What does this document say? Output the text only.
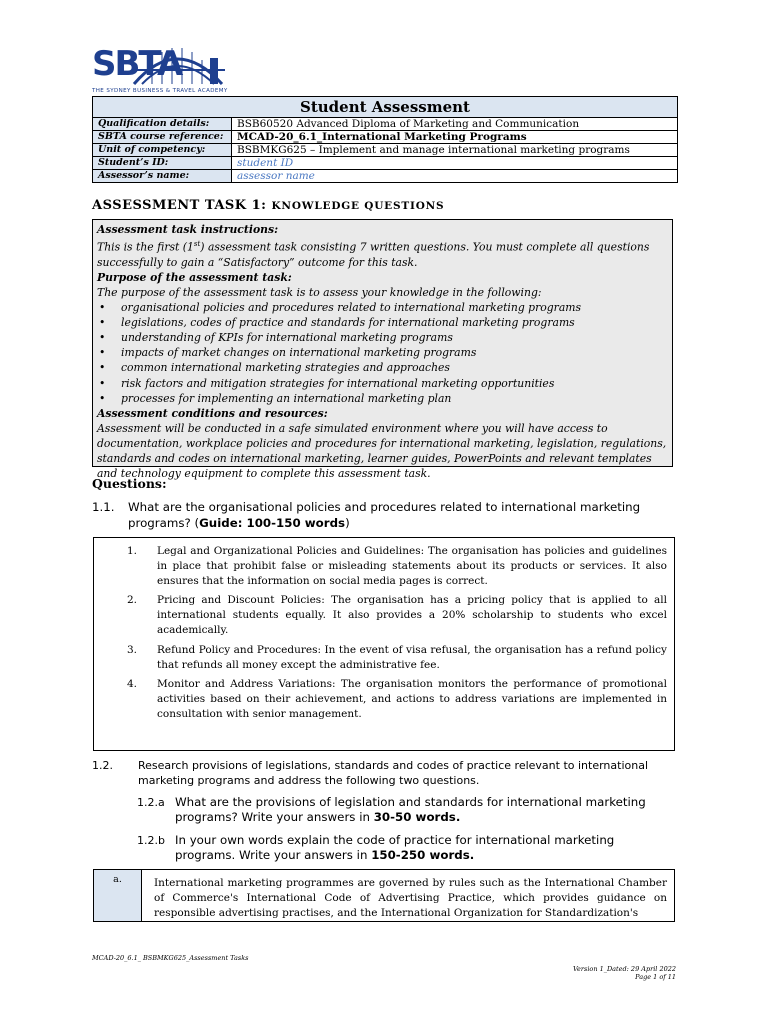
SBTA
THE SYDNEY BUSINESS & TRAVEL ACADEMY
Student Assessment	
Qualification details:	BSB60520 Advanced Diploma of Marketing and Communication
SBTA course reference:	MCAD-20_6.1_International Marketing Programs
Unit of competency:	BSBMKG625 – Implement and manage international marketing programs
Student’s ID:	student ID
Assessor’s name:	assessor name
ASSESSMENT TASK 1: KNOWLEDGE QUESTIONS
Assessment task instructions:
This is the first (1st) assessment task consisting 7 written questions. You must complete all questions successfully to gain a “Satisfactory” outcome for this task.
Purpose of the assessment task:
The purpose of the assessment task is to assess your knowledge in the following:
• organisational policies and procedures related to international marketing programs
• legislations, codes of practice and standards for international marketing programs
• understanding of KPIs for international marketing programs
• impacts of market changes on international marketing programs
• common international marketing strategies and approaches
• risk factors and mitigation strategies for international marketing opportunities
• processes for implementing an international marketing plan
Assessment conditions and resources:
Assessment will be conducted in a safe simulated environment where you will have access to documentation, workplace policies and procedures for international marketing, legislation, regulations, standards and codes on international marketing, learner guides, PowerPoints and relevant templates and technology equipment to complete this assessment task.
Questions:
1.1. What are the organisational policies and procedures related to international marketing programs? (Guide: 100-150 words)
1. Legal and Organizational Policies and Guidelines: The organisation has policies and guidelines in place that prohibit false or misleading statements about its products or services. It also ensures that the information on social media pages is correct.
2. Pricing and Discount Policies: The organisation has a pricing policy that is applied to all international students equally. It also provides a 20% scholarship to students who excel academically.
3. Refund Policy and Procedures: In the event of visa refusal, the organisation has a refund policy that refunds all money except the administrative fee.
4. Monitor and Address Variations: The organisation monitors the performance of promotional activities based on their achievement, and actions to address variations are implemented in consultation with senior management.
1.2. Research provisions of legislations, standards and codes of practice relevant to international marketing programs and address the following two questions.
1.2.a What are the provisions of legislation and standards for international marketing programs? Write your answers in 30-50 words.
1.2.b In your own words explain the code of practice for international marketing programs. Write your answers in 150-250 words.
a.	International marketing programmes are governed by rules such as the International Chamber of Commerce's International Code of Advertising Practice, which provides guidance on responsible advertising practises, and the International Organization for Standardization's
MCAD-20_6.1_ BSBMKG625_Assessment Tasks
Version 1_Dated: 29 April 2022
Page 1 of 11
